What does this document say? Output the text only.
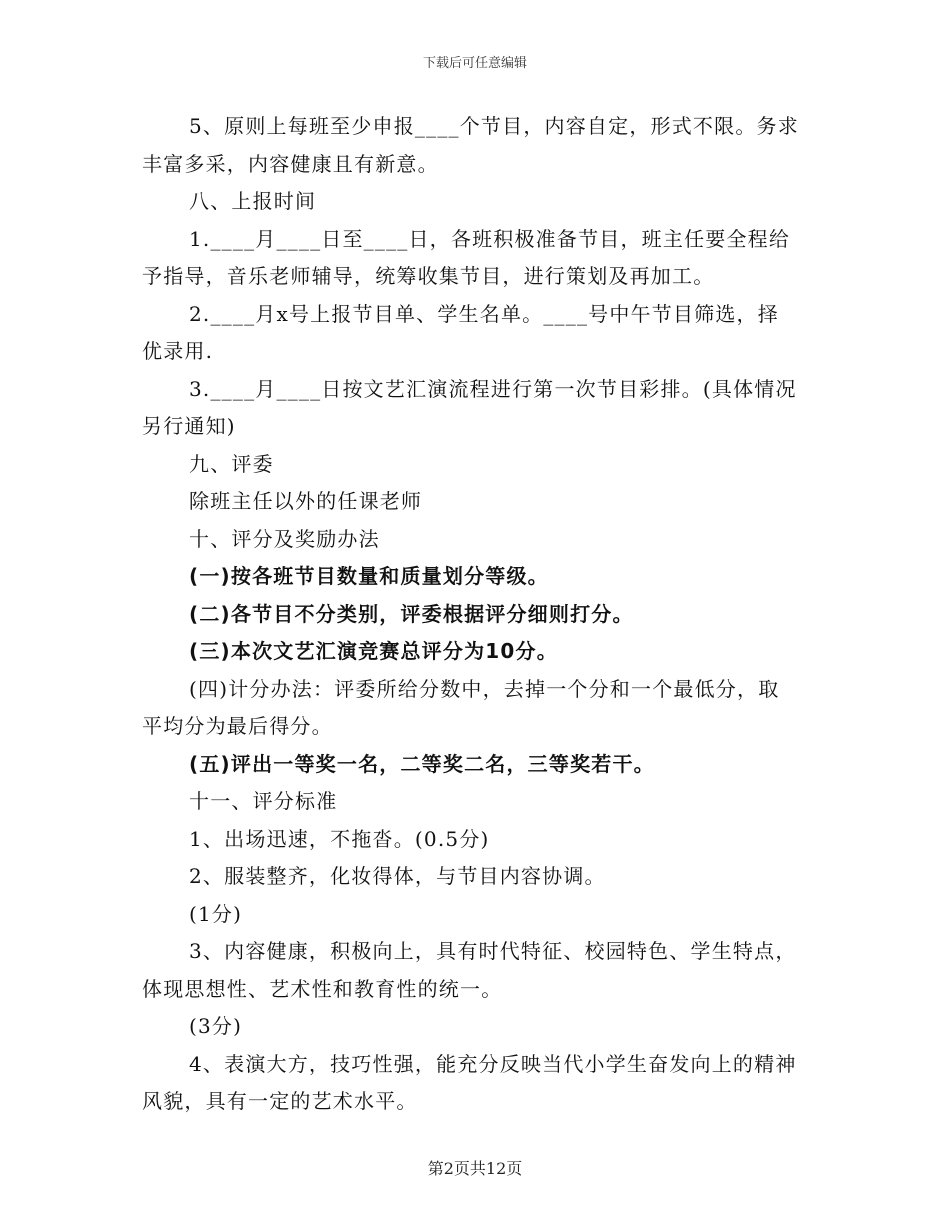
下载后可任意编辑
5、原则上每班至少申报____个节目，内容自定，形式不限。务求
丰富多采，内容健康且有新意。
八、上报时间
1.____月____日至____日，各班积极准备节目，班主任要全程给
予指导，音乐老师辅导，统筹收集节目，进行策划及再加工。
2.____月x号上报节目单、学生名单。____号中午节目筛选，择
优录用.
3.____月____日按文艺汇演流程进行第一次节目彩排。(具体情况
另行通知)
九、评委
除班主任以外的任课老师
十、评分及奖励办法
(一)按各班节目数量和质量划分等级。
(二)各节目不分类别，评委根据评分细则打分。
(三)本次文艺汇演竞赛总评分为10分。
(四)计分办法：评委所给分数中，去掉一个分和一个最低分，取
平均分为最后得分。
(五)评出一等奖一名，二等奖二名，三等奖若干。
十一、评分标准
1、出场迅速，不拖沓。(0.5分)
2、服装整齐，化妆得体，与节目内容协调。
(1分)
3、内容健康，积极向上，具有时代特征、校园特色、学生特点，
体现思想性、艺术性和教育性的统一。
(3分)
4、表演大方，技巧性强，能充分反映当代小学生奋发向上的精神
风貌，具有一定的艺术水平。
第2页共12页
